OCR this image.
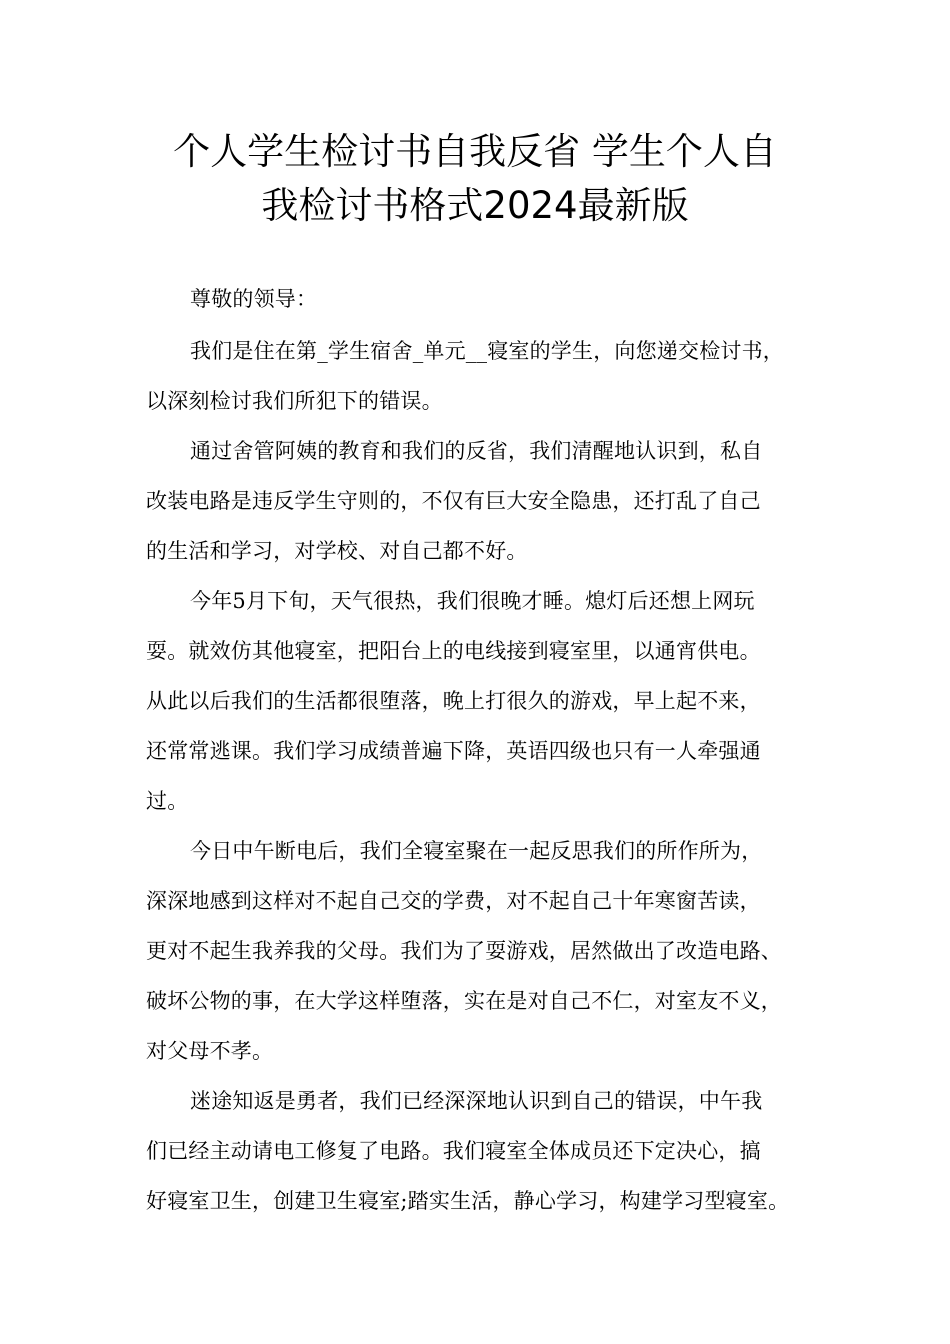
个人学生检讨书自我反省 学生个人自
我检讨书格式2024最新版

尊敬的领导：

我们是住在第_学生宿舍_单元__寝室的学生，向您递交检讨书，

以深刻检讨我们所犯下的错误。

通过舍管阿姨的教育和我们的反省，我们清醒地认识到，私自

改装电路是违反学生守则的，不仅有巨大安全隐患，还打乱了自己

的生活和学习，对学校、对自己都不好。

今年5月下旬，天气很热，我们很晚才睡。熄灯后还想上网玩

耍。就效仿其他寝室，把阳台上的电线接到寝室里，以通宵供电。

从此以后我们的生活都很堕落，晚上打很久的游戏，早上起不来，

还常常逃课。我们学习成绩普遍下降，英语四级也只有一人牵强通

过。

今日中午断电后，我们全寝室聚在一起反思我们的所作所为，

深深地感到这样对不起自己交的学费，对不起自己十年寒窗苦读，

更对不起生我养我的父母。我们为了耍游戏，居然做出了改造电路、

破坏公物的事，在大学这样堕落，实在是对自己不仁，对室友不义，

对父母不孝。

迷途知返是勇者，我们已经深深地认识到自己的错误，中午我

们已经主动请电工修复了电路。我们寝室全体成员还下定决心，搞

好寝室卫生，创建卫生寝室;踏实生活，静心学习，构建学习型寝室。
